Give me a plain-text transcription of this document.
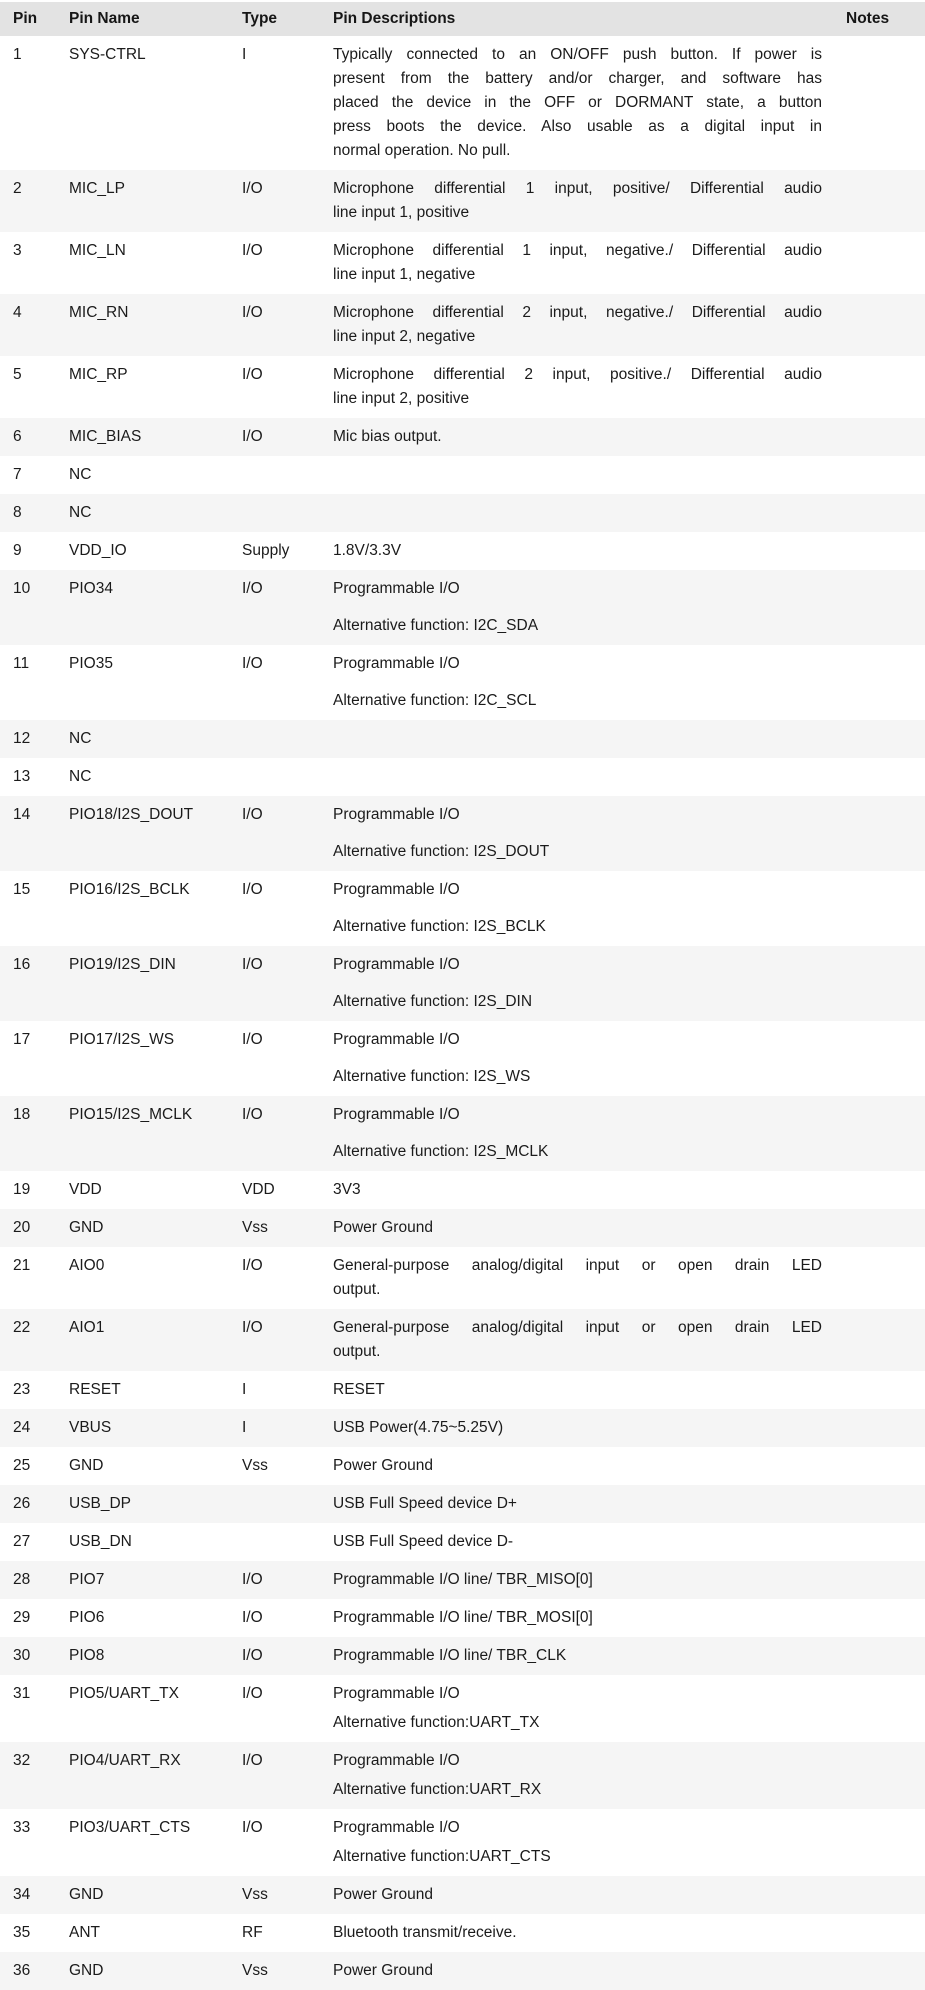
Pin	Pin Name	Type	Pin Descriptions	Notes
1	SYS-CTRL	I	Typically connected to an ON/OFF push button. If power is
present from the battery and/or charger, and software has
placed the device in the OFF or DORMANT state, a button
press boots the device. Also usable as a digital input in
normal operation. No pull.	

2	MIC_LP	I/O	Microphone differential 1 input, positive/ Differential audio
line input 1, positive	

3	MIC_LN	I/O	Microphone differential 1 input, negative./ Differential audio
line input 1, negative	

4	MIC_RN	I/O	Microphone differential 2 input, negative./ Differential audio
line input 2, negative	

5	MIC_RP	I/O	Microphone differential 2 input, positive./ Differential audio
line input 2, positive	

6	MIC_BIAS	I/O	Mic bias output.	

7	NC			
8	NC			
9	VDD_IO	Supply	1.8V/3.3V	

10	PIO34	I/O	Programmable I/O
Alternative function: I2C_SDA	

11	PIO35	I/O	Programmable I/O
Alternative function: I2C_SCL	

12	NC			
13	NC			
14	PIO18/I2S_DOUT	I/O	Programmable I/O
Alternative function: I2S_DOUT	

15	PIO16/I2S_BCLK	I/O	Programmable I/O
Alternative function: I2S_BCLK	

16	PIO19/I2S_DIN	I/O	Programmable I/O
Alternative function: I2S_DIN	

17	PIO17/I2S_WS	I/O	Programmable I/O
Alternative function: I2S_WS	

18	PIO15/I2S_MCLK	I/O	Programmable I/O
Alternative function: I2S_MCLK	

19	VDD	VDD	3V3	

20	GND	Vss	Power Ground	

21	AIO0	I/O	General-purpose analog/digital input or open drain LED
output.	

22	AIO1	I/O	General-purpose analog/digital input or open drain LED
output.	

23	RESET	I	RESET	

24	VBUS	I	USB Power(4.75~5.25V)	

25	GND	Vss	Power Ground	

26	USB_DP		USB Full Speed device D+	

27	USB_DN		USB Full Speed device D-	

28	PIO7	I/O	Programmable I/O line/ TBR_MISO[0]	

29	PIO6	I/O	Programmable I/O line/ TBR_MOSI[0]	

30	PIO8	I/O	Programmable I/O line/ TBR_CLK	

31	PIO5/UART_TX	I/O	Programmable I/O
Alternative function:UART_TX	

32	PIO4/UART_RX	I/O	Programmable I/O
Alternative function:UART_RX	

33	PIO3/UART_CTS	I/O	Programmable I/O
Alternative function:UART_CTS	

34	GND	Vss	Power Ground	

35	ANT	RF	Bluetooth transmit/receive.	

36	GND	Vss	Power Ground	
